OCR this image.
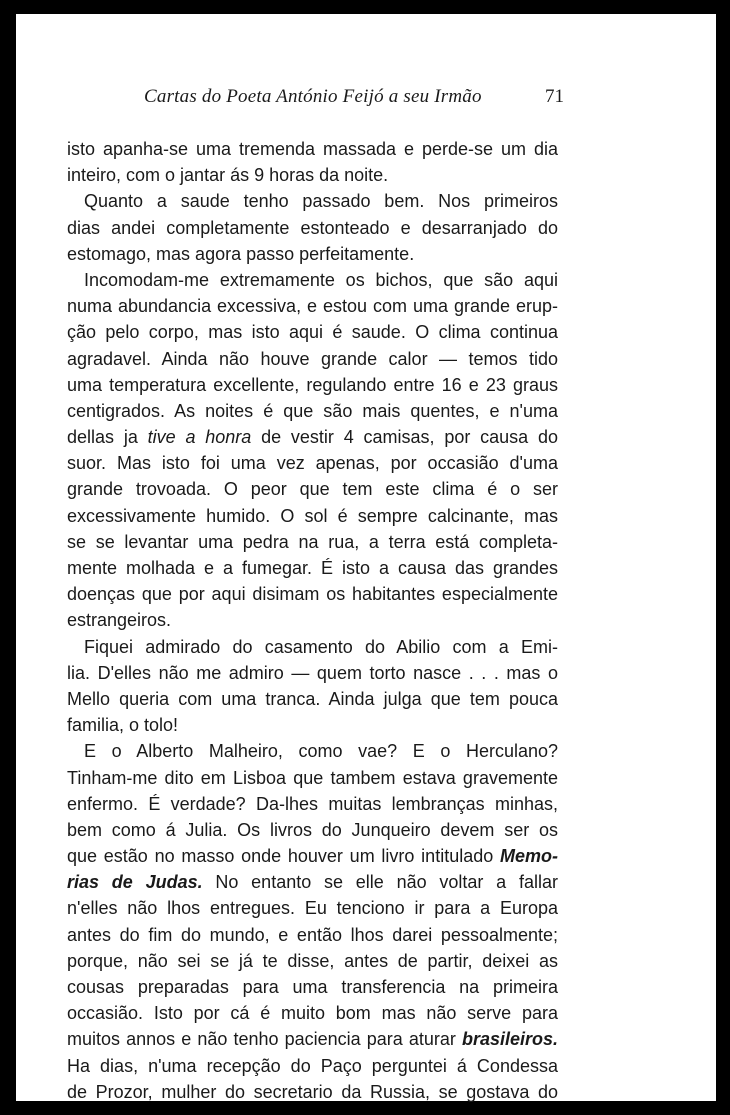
Cartas do Poeta António Feijó a seu Irmão	71
isto apanha-se uma tremenda massada e perde-se um dia
inteiro, com o jantar ás 9 horas da noite.
Quanto a saude tenho passado bem. Nos primeiros
dias andei completamente estonteado e desarranjado do
estomago, mas agora passo perfeitamente.
Incomodam-me extremamente os bichos, que são aqui
numa abundancia excessiva, e estou com uma grande erup-
ção pelo corpo, mas isto aqui é saude. O clima continua
agradavel. Ainda não houve grande calor — temos tido
uma temperatura excellente, regulando entre 16 e 23 graus
centigrados. As noites é que são mais quentes, e n'uma
dellas ja tive a honra de vestir 4 camisas, por causa do
suor. Mas isto foi uma vez apenas, por occasião d'uma
grande trovoada. O peor que tem este clima é o ser
excessivamente humido. O sol é sempre calcinante, mas
se se levantar uma pedra na rua, a terra está completa-
mente molhada e a fumegar. É isto a causa das grandes
doenças que por aqui disimam os habitantes especialmente
estrangeiros.
Fiquei admirado do casamento do Abilio com a Emi-
lia. D'elles não me admiro — quem torto nasce . . . mas o
Mello queria com uma tranca. Ainda julga que tem pouca
familia, o tolo!
E o Alberto Malheiro, como vae? E o Herculano?
Tinham-me dito em Lisboa que tambem estava gravemente
enfermo. É verdade? Da-lhes muitas lembranças minhas,
bem como á Julia. Os livros do Junqueiro devem ser os
que estão no masso onde houver um livro intitulado Memo-
rias de Judas. No entanto se elle não voltar a fallar
n'elles não lhos entregues. Eu tenciono ir para a Europa
antes do fim do mundo, e então lhos darei pessoalmente;
porque, não sei se já te disse, antes de partir, deixei as
cousas preparadas para uma transferencia na primeira
occasião. Isto por cá é muito bom mas não serve para
muitos annos e não tenho paciencia para aturar brasileiros.
Ha dias, n'uma recepção do Paço perguntei á Condessa
de Prozor, mulher do secretario da Russia, se gostava do
